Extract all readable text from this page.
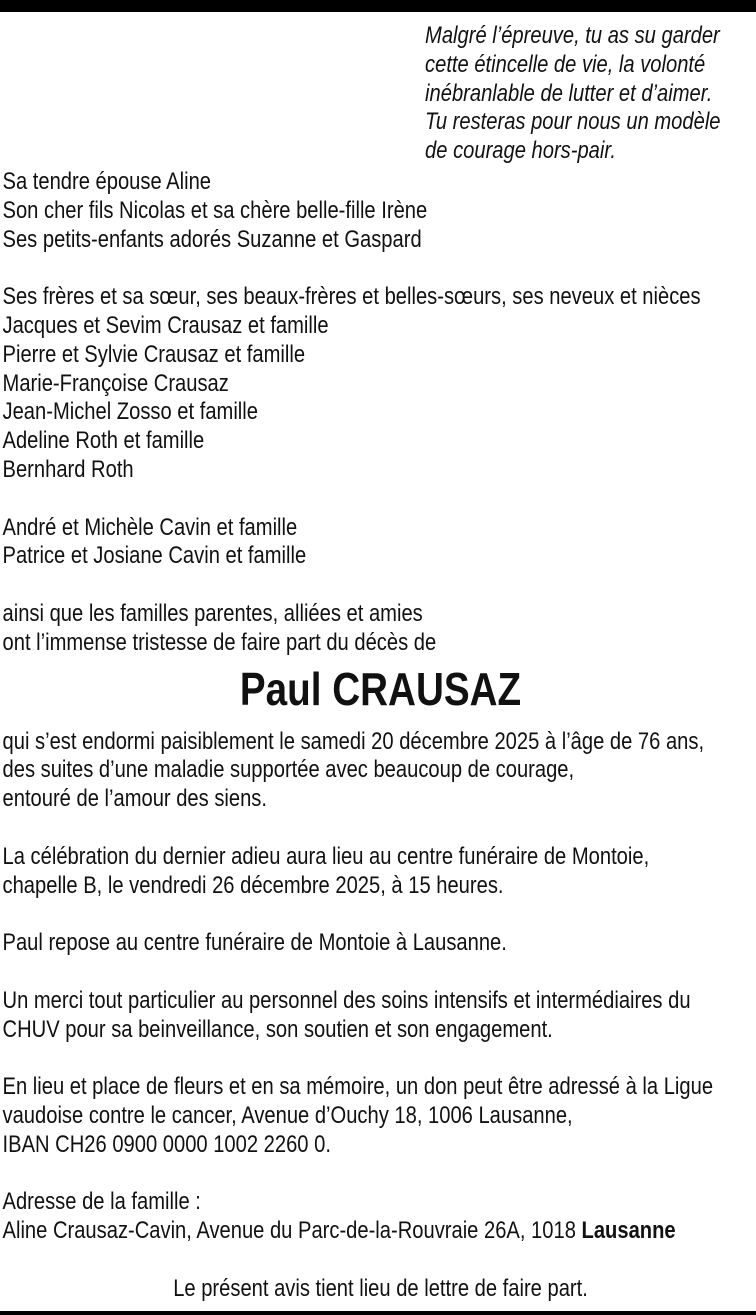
Malgré l’épreuve, tu as su garder
cette étincelle de vie, la volonté
inébranlable de lutter et d’aimer.
Tu resteras pour nous un modèle
de courage hors-pair.
Sa tendre épouse Aline
Son cher fils Nicolas et sa chère belle-fille Irène
Ses petits-enfants adorés Suzanne et Gaspard
Ses frères et sa sœur, ses beaux-frères et belles-sœurs, ses neveux et nièces
Jacques et Sevim Crausaz et famille
Pierre et Sylvie Crausaz et famille
Marie-Françoise Crausaz
Jean-Michel Zosso et famille
Adeline Roth et famille
Bernhard Roth
André et Michèle Cavin et famille
Patrice et Josiane Cavin et famille
ainsi que les familles parentes, alliées et amies
ont l’immense tristesse de faire part du décès de
Paul CRAUSAZ
qui s’est endormi paisiblement le samedi 20 décembre 2025 à l’âge de 76 ans,
des suites d’une maladie supportée avec beaucoup de courage,
entouré de l’amour des siens.
La célébration du dernier adieu aura lieu au centre funéraire de Montoie,
chapelle B, le vendredi 26 décembre 2025, à 15 heures.
Paul repose au centre funéraire de Montoie à Lausanne.
Un merci tout particulier au personnel des soins intensifs et intermédiaires du
CHUV pour sa beinveillance, son soutien et son engagement.
En lieu et place de fleurs et en sa mémoire, un don peut être adressé à la Ligue
vaudoise contre le cancer, Avenue d’Ouchy 18, 1006 Lausanne,
IBAN CH26 0900 0000 1002 2260 0.
Adresse de la famille :
Aline Crausaz-Cavin, Avenue du Parc-de-la-Rouvraie 26A, 1018 Lausanne
Le présent avis tient lieu de lettre de faire part.
